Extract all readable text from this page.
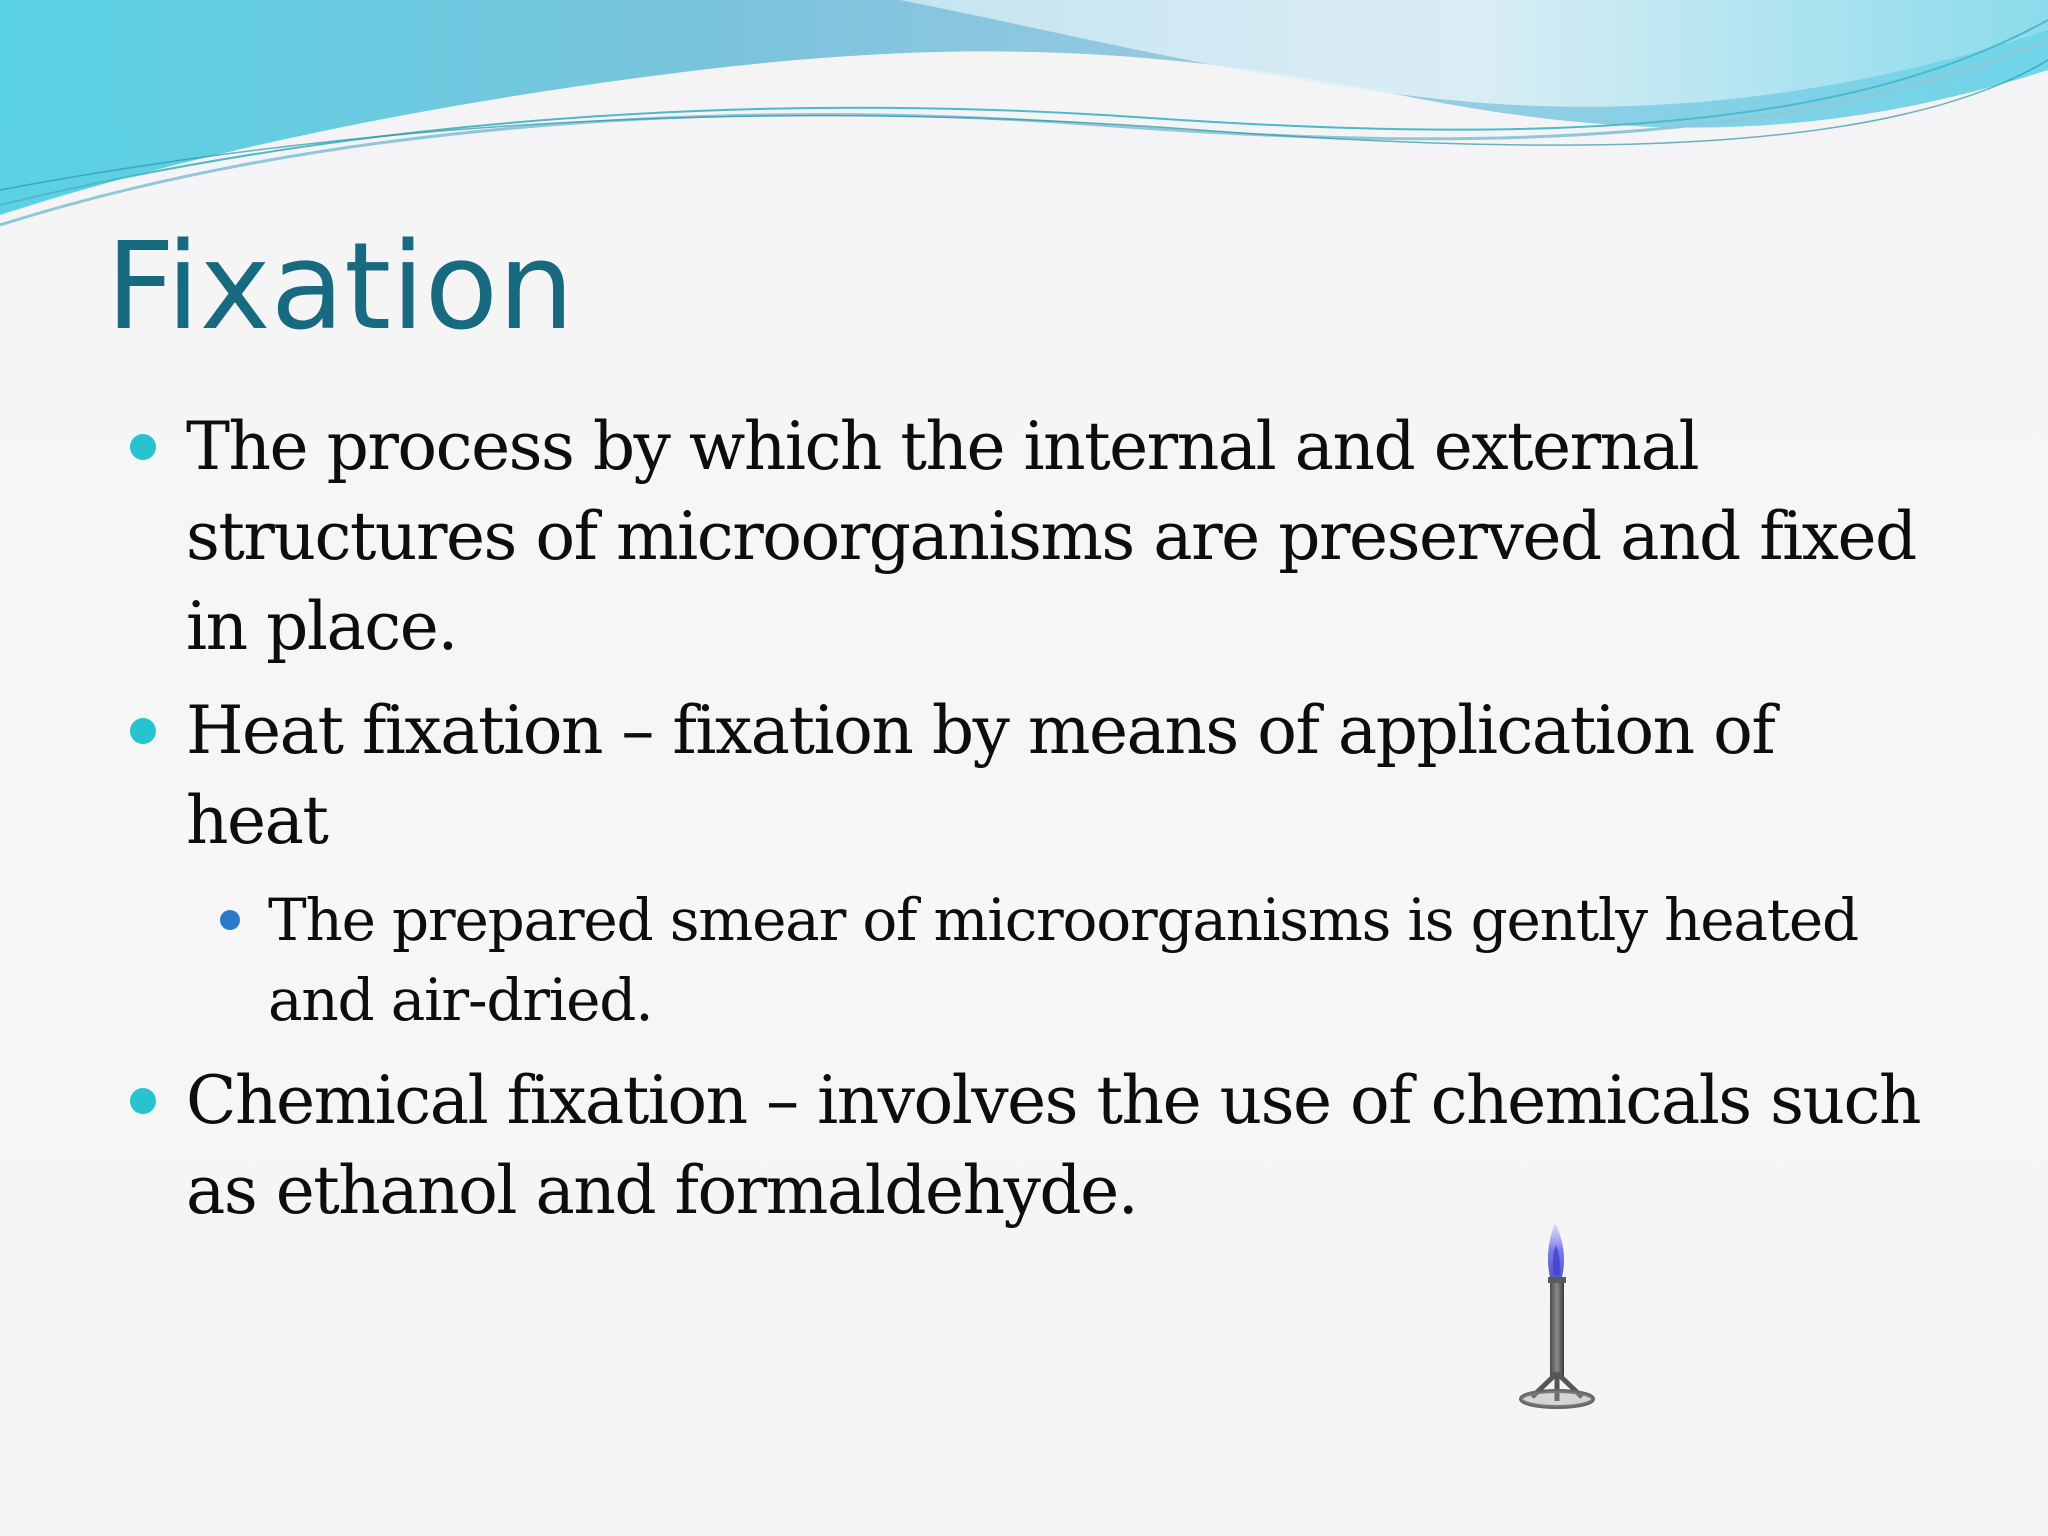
Fixation
The process by which the internal and external structures of microorganisms are preserved and fixed in place.
Heat fixation – fixation by means of application of heat
The prepared smear of microorganisms is gently heated and air-dried.
Chemical fixation – involves the use of chemicals such as ethanol and formaldehyde.
